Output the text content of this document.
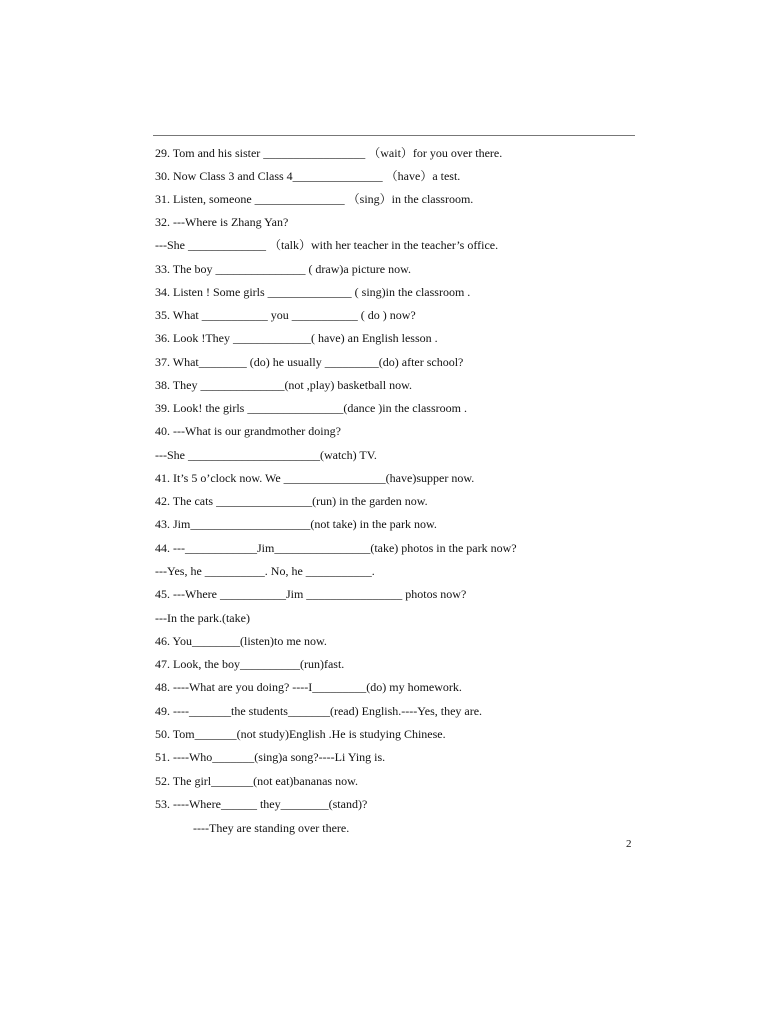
29. Tom and his sister _________________ （wait）for you over there.
30. Now Class 3 and Class 4_______________ （have）a test.
31. Listen, someone _______________ （sing）in the classroom.
32. ---Where is Zhang Yan?
---She _____________ （talk）with her teacher in the teacher’s office.
33. The boy _______________ ( draw)a picture now.
34. Listen ! Some girls ______________ ( sing)in the classroom .
35. What ___________ you ___________ ( do ) now?
36. Look !They _____________( have) an English lesson .
37. What________ (do) he usually _________(do) after school?
38. They ______________(not ,play) basketball now.
39. Look! the girls ________________(dance )in the classroom .
40. ---What is our grandmother doing?
---She ______________________(watch) TV.
41. It’s 5 o’clock now. We _________________(have)supper now.
42. The cats ________________(run) in the garden now.
43. Jim____________________(not take) in the park now.
44. ---____________Jim________________(take) photos in the park now?
---Yes, he __________. No, he ___________.
45. ---Where ___________Jim ________________ photos now?
---In the park.(take)
46. You________(listen)to me now.
47. Look, the boy__________(run)fast.
48. ----What are you doing? ----I_________(do) my homework.
49. ----_______the students_______(read) English.----Yes, they are.
50. Tom_______(not study)English .He is studying Chinese.
51. ----Who_______(sing)a song?----Li Ying is.
52. The girl_______(not eat)bananas now.
53. ----Where______ they________(stand)?
----They are standing over there.
2
